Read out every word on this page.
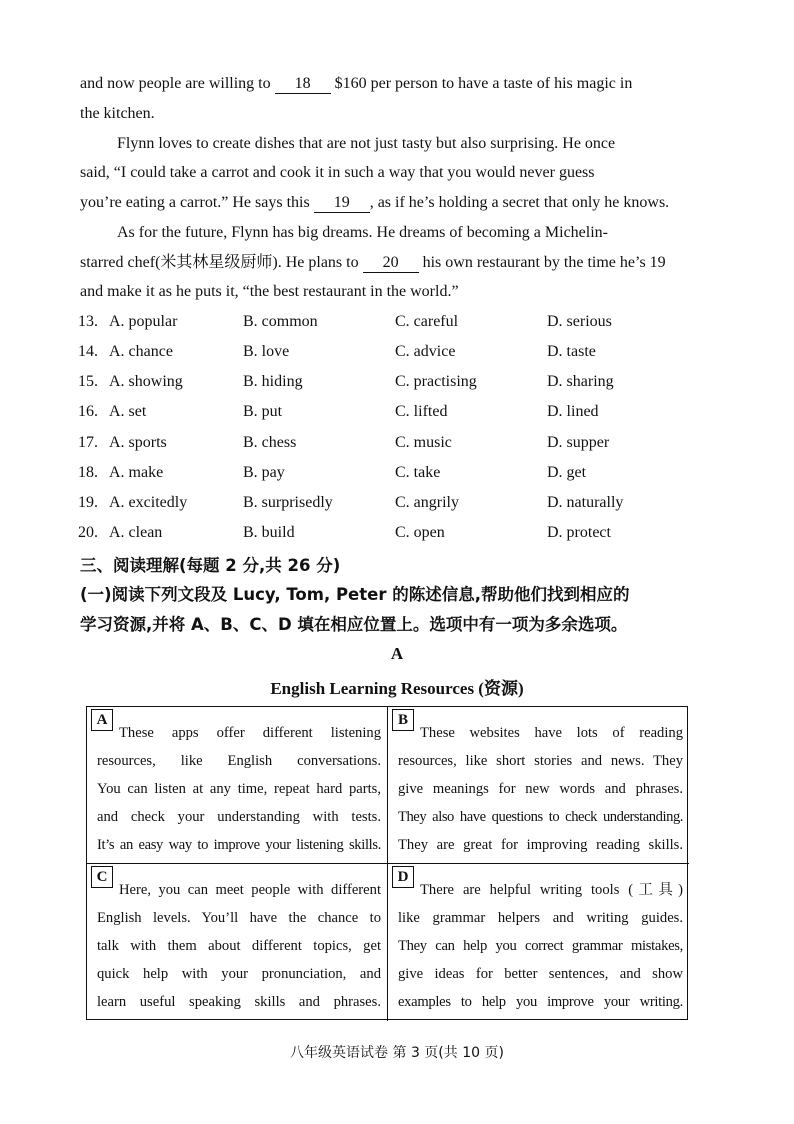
and now people are willing to 18 $160 per person to have a taste of his magic in
the kitchen.
Flynn loves to create dishes that are not just tasty but also surprising. He once
said, “I could take a carrot and cook it in such a way that you would never guess
you’re eating a carrot.” He says this 19 , as if he’s holding a secret that only he knows.
As for the future, Flynn has big dreams. He dreams of becoming a Michelin-
starred chef(米其林星级厨师). He plans to 20 his own restaurant by the time he’s 19
and make it as he puts it, “the best restaurant in the world.”
13. A. popular	B. common	C. careful	D. serious
14. A. chance	B. love	C. advice	D. taste
15. A. showing	B. hiding	C. practising	D. sharing
16. A. set	B. put	C. lifted	D. lined
17. A. sports	B. chess	C. music	D. supper
18. A. make	B. pay	C. take	D. get
19. A. excitedly	B. surprisedly	C. angrily	D. naturally
20. A. clean	B. build	C. open	D. protect
三、阅读理解(每题 2 分,共 26 分)
(一)阅读下列文段及 Lucy, Tom, Peter 的陈述信息,帮助他们找到相应的
学习资源,并将 A、B、C、D 填在相应位置上。选项中有一项为多余选项。
A
English Learning Resources (资源)
A
These apps offer different listening
resources, like English conversations.
You can listen at any time, repeat hard parts,
and check your understanding with tests.
It’s an easy way to improve your listening skills.
B
These websites have lots of reading
resources, like short stories and news. They
give meanings for new words and phrases.
They also have questions to check understanding.
They are great for improving reading skills.
C
Here, you can meet people with different
English levels. You’ll have the chance to
talk with them about different topics, get
quick help with your pronunciation, and
learn useful speaking skills and phrases.
D
There are helpful writing tools (工具)
like grammar helpers and writing guides.
They can help you correct grammar mistakes,
give ideas for better sentences, and show
examples to help you improve your writing.
八年级英语试卷 第 3 页(共 10 页)
